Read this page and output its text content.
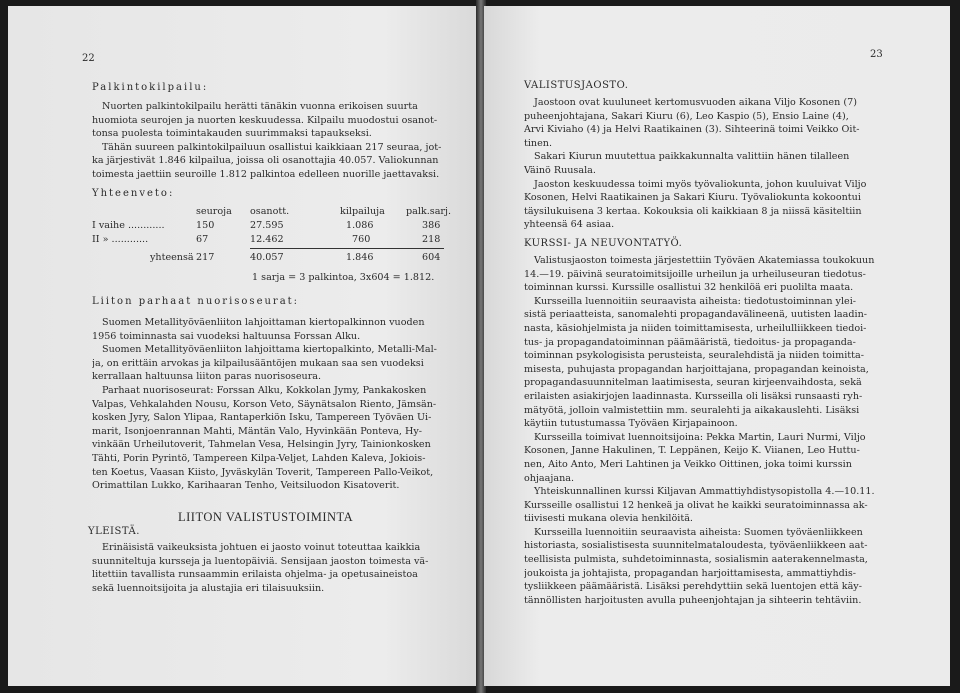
22
Palkintokilpailu:
Nuorten palkintokilpailu herätti tänäkin vuonna erikoisen suurta
huomiota seurojen ja nuorten keskuudessa. Kilpailu muodostui osanot-
tonsa puolesta toimintakauden suurimmaksi tapaukseksi.
Tähän suureen palkintokilpailuun osallistui kaikkiaan 217 seuraa, jot-
ka järjestivät 1.846 kilpailua, joissa oli osanottajia 40.057. Valiokunnan
toimesta jaettiin seuroille 1.812 palkintoa edelleen nuorille jaettavaksi.
Yhteenveto:
seuroja osanott.	kilpailuja palk.sarj.
I vaihe ............	150	27.595	1.086	386
II » ............	67	12.462	760	218
yhteensä 217	40.057	1.846	604
1 sarja = 3 palkintoa, 3x604 = 1.812.
Liiton parhaat nuorisoseurat:
Suomen Metallityöväenliiton lahjoittaman kiertopalkinnon vuoden
1956 toiminnasta sai vuodeksi haltuunsa Forssan Alku.
Suomen Metallityöväenliiton lahjoittama kiertopalkinto, Metalli-Mal-
ja, on erittäin arvokas ja kilpailusääntöjen mukaan saa sen vuodeksi
kerrallaan haltuunsa liiton paras nuorisoseura.
Parhaat nuorisoseurat: Forssan Alku, Kokkolan Jymy, Pankakosken
Valpas, Vehkalahden Nousu, Korson Veto, Säynätsalon Riento, Jämsän-
kosken Jyry, Salon Ylipaa, Rantaperkiön Isku, Tampereen Työväen Ui-
marit, Isonjoenrannan Mahti, Mäntän Valo, Hyvinkään Ponteva, Hy-
vinkään Urheilutoverit, Tahmelan Vesa, Helsingin Jyry, Tainionkosken
Tähti, Porin Pyrintö, Tampereen Kilpa-Veljet, Lahden Kaleva, Jokiois-
ten Koetus, Vaasan Kiisto, Jyväskylän Toverit, Tampereen Pallo-Veikot,
Orimattilan Lukko, Karihaaran Tenho, Veitsiluodon Kisatoverit.
LIITON VALISTUSTOIMINTA
YLEISTÄ.
Erinäisistä vaikeuksista johtuen ei jaosto voinut toteuttaa kaikkia
suunniteltuja kursseja ja luentopäiviä. Sensijaan jaoston toimesta vä-
litettiin tavallista runsaammin erilaista ohjelma- ja opetusaineistoa
sekä luennoitsijoita ja alustajia eri tilaisuuksiin.
23
VALISTUSJAOSTO.
Jaostoon ovat kuuluneet kertomusvuoden aikana Viljo Kosonen (7)
puheenjohtajana, Sakari Kiuru (6), Leo Kaspio (5), Ensio Laine (4),
Arvi Kiviaho (4) ja Helvi Raatikainen (3). Sihteerinä toimi Veikko Oit-
tinen.
Sakari Kiurun muutettua paikkakunnalta valittiin hänen tilalleen
Väinö Ruusala.
Jaoston keskuudessa toimi myös työvaliokunta, johon kuuluivat Viljo
Kosonen, Helvi Raatikainen ja Sakari Kiuru. Työvaliokunta kokoontui
täysilukuisena 3 kertaa. Kokouksia oli kaikkiaan 8 ja niissä käsiteltiin
yhteensä 64 asiaa.
KURSSI- JA NEUVONTATYÖ.
Valistusjaoston toimesta järjestettiin Työväen Akatemiassa toukokuun
14.—19. päivinä seuratoimitsijoille urheilun ja urheiluseuran tiedotus-
toiminnan kurssi. Kurssille osallistui 32 henkilöä eri puolilta maata.
Kursseilla luennoitiin seuraavista aiheista: tiedotustoiminnan ylei-
sistä periaatteista, sanomalehti propagandavälineenä, uutisten laadin-
nasta, käsiohjelmista ja niiden toimittamisesta, urheilulliikkeen tiedoi-
tus- ja propagandatoiminnan päämääristä, tiedoitus- ja propaganda-
toiminnan psykologisista perusteista, seuralehdistä ja niiden toimitta-
misesta, puhujasta propagandan harjoittajana, propagandan keinoista,
propagandasuunnitelman laatimisesta, seuran kirjeenvaihdosta, sekä
erilaisten asiakirjojen laadinnasta. Kursseilla oli lisäksi runsaasti ryh-
mätyötä, jolloin valmistettiin mm. seuralehti ja aikakauslehti. Lisäksi
käytiin tutustumassa Työväen Kirjapainoon.
Kursseilla toimivat luennoitsijoina: Pekka Martin, Lauri Nurmi, Viljo
Kosonen, Janne Hakulinen, T. Leppänen, Keijo K. Viianen, Leo Huttu-
nen, Aito Anto, Meri Lahtinen ja Veikko Oittinen, joka toimi kurssin
ohjaajana.
Yhteiskunnallinen kurssi Kiljavan Ammattiyhdistysopistolla 4.—10.11.
Kursseille osallistui 12 henkeä ja olivat he kaikki seuratoiminnassa ak-
tiivisesti mukana olevia henkilöitä.
Kursseilla luennoitiin seuraavista aiheista: Suomen työväenliikkeen
historiasta, sosialistisesta suunnitelmataloudesta, työväenliikkeen aat-
teellisista pulmista, suhdetoiminnasta, sosialismin aaterakennelmasta,
joukoista ja johtajista, propagandan harjoittamisesta, ammattiyhdis-
tysliikkeen päämääristä. Lisäksi perehdyttiin sekä luentojen että käy-
tännöllisten harjoitusten avulla puheenjohtajan ja sihteerin tehtäviin.
